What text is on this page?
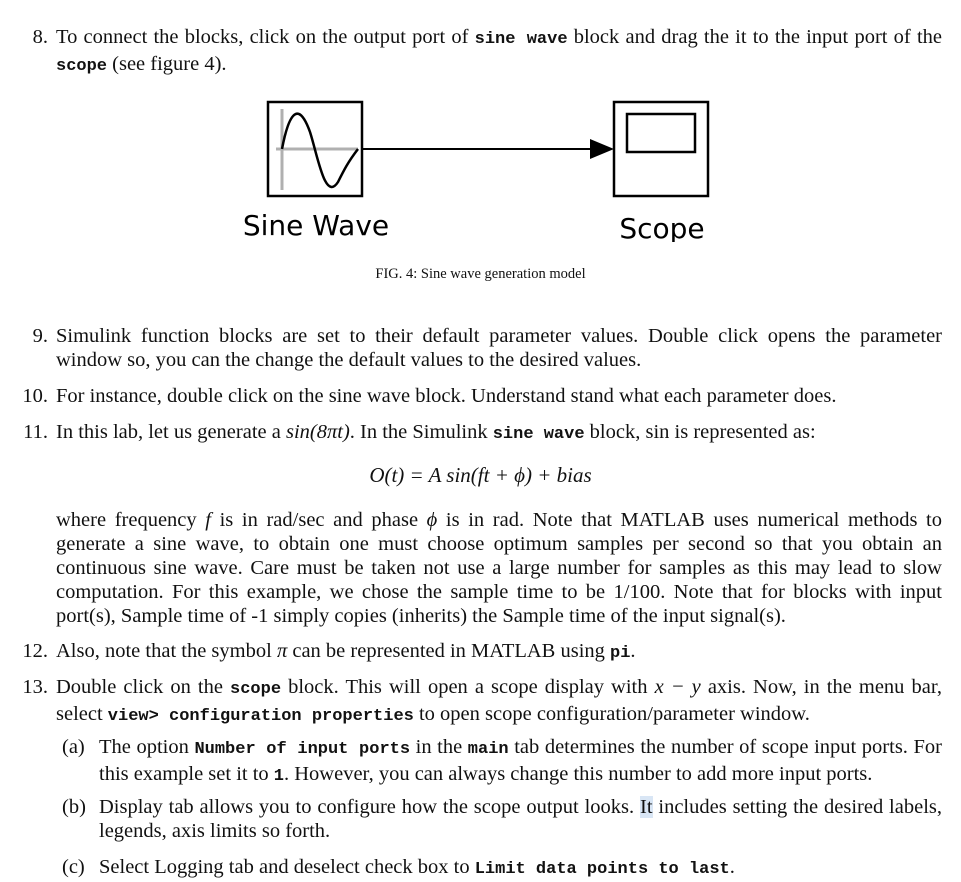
8. To connect the blocks, click on the output port of sine wave block and drag the it to the input port of the scope (see figure 4).
Sine Wave	Scope
FIG. 4: Sine wave generation model
9. Simulink function blocks are set to their default parameter values. Double click opens the parameter window so, you can the change the default values to the desired values.
10. For instance, double click on the sine wave block. Understand stand what each parameter does.
11. In this lab, let us generate a sin(8πt). In the Simulink sine wave block, sin is represented as:
O(t) = A sin(ft + ϕ) + bias
where frequency f is in rad/sec and phase ϕ is in rad. Note that MATLAB uses numerical methods to generate a sine wave, to obtain one must choose optimum samples per second so that you obtain an continuous sine wave. Care must be taken not use a large number for samples as this may lead to slow computation. For this example, we chose the sample time to be 1/100. Note that for blocks with input port(s), Sample time of -1 simply copies (inherits) the Sample time of the input signal(s).
12. Also, note that the symbol π can be represented in MATLAB using pi.
13. Double click on the scope block. This will open a scope display with x − y axis. Now, in the menu bar, select view> configuration properties to open scope configuration/parameter window.
(a) The option Number of input ports in the main tab determines the number of scope input ports. For this example set it to 1. However, you can always change this number to add more input ports.
(b) Display tab allows you to configure how the scope output looks. It includes setting the desired labels, legends, axis limits so forth.
(c) Select Logging tab and deselect check box to Limit data points to last.
